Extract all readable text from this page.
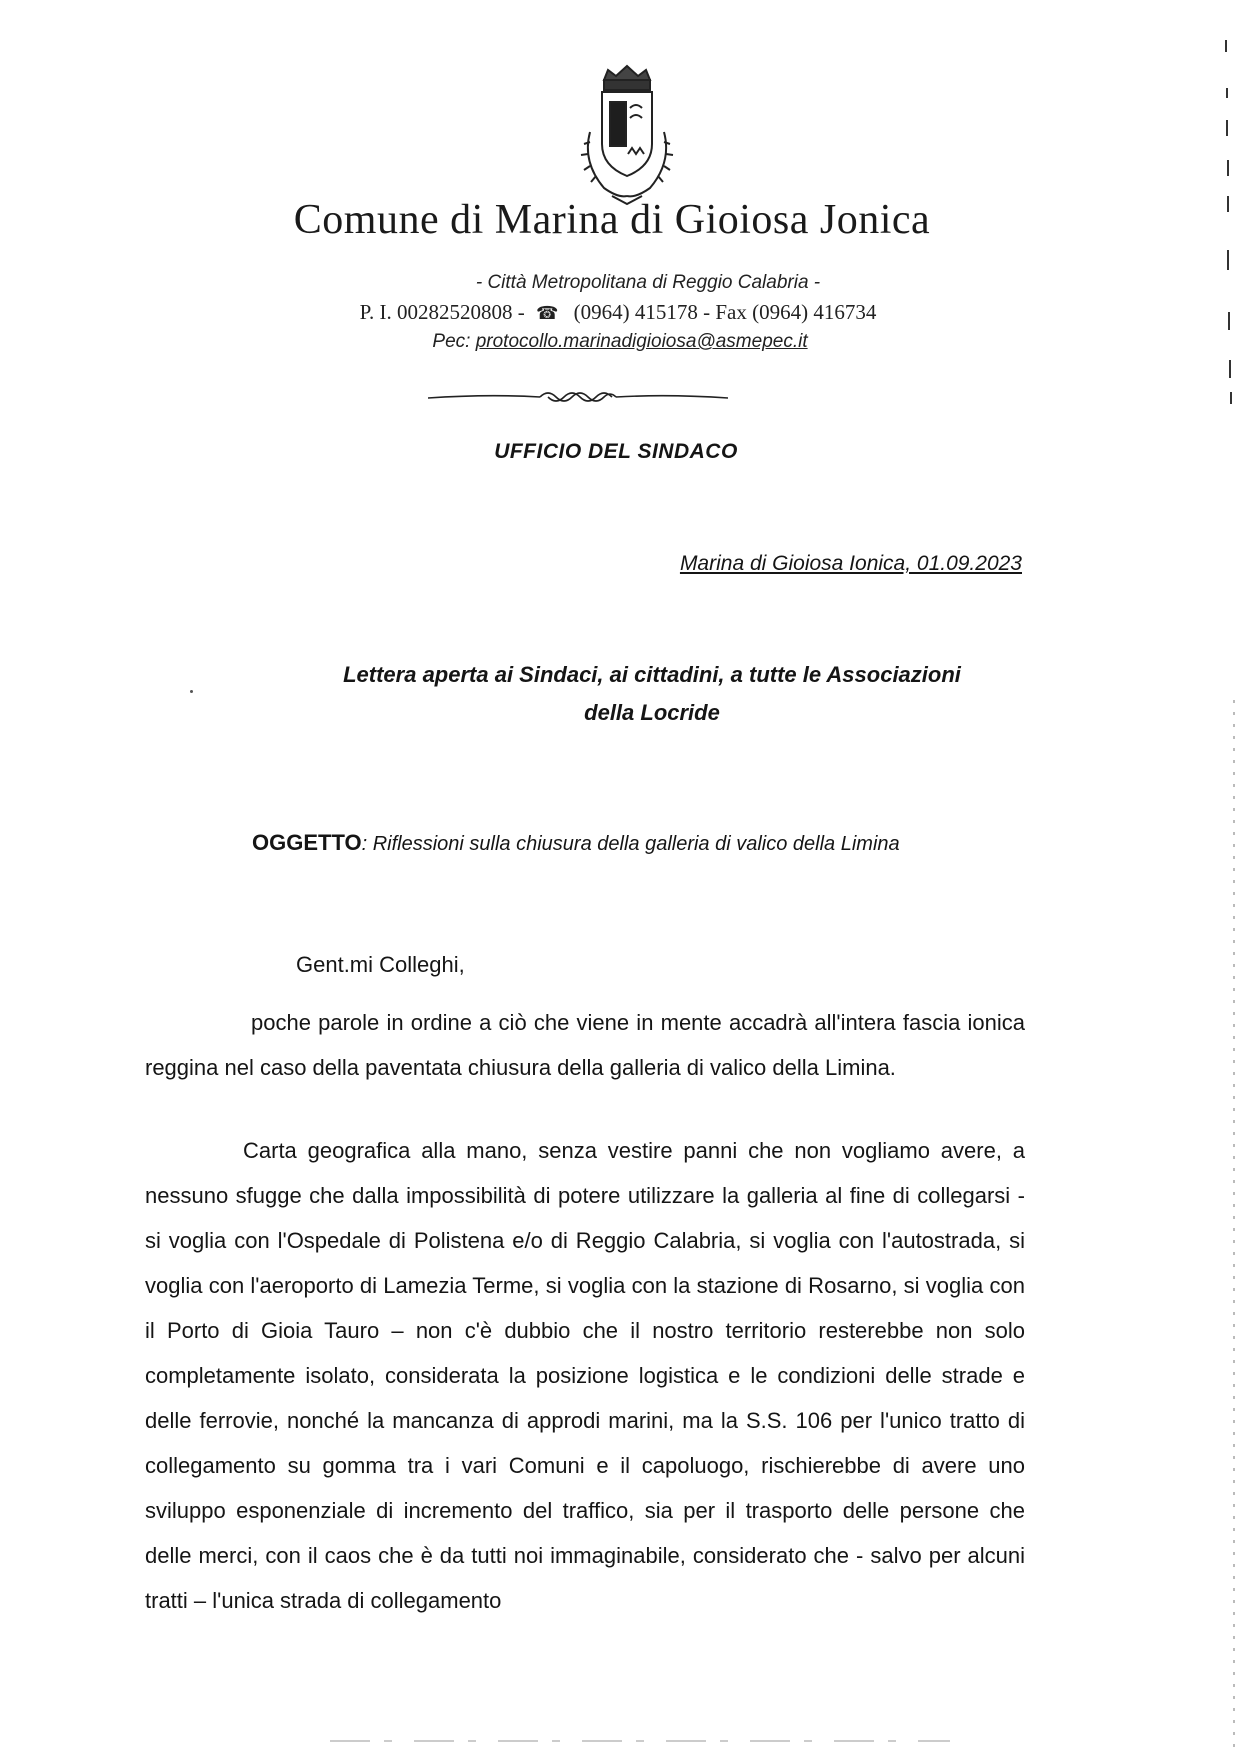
Comune di Marina di Gioiosa Jonica
- Città Metropolitana di Reggio Calabria -
P. I. 00282520808 - ☎ (0964) 415178 - Fax (0964) 416734
Pec: protocollo.marinadigioiosa@asmepec.it
UFFICIO DEL SINDACO
Marina di Gioiosa Ionica, 01.09.2023
Lettera aperta ai Sindaci, ai cittadini, a tutte le Associazioni
della Locride
OGGETTO: Riflessioni sulla chiusura della galleria di valico della Limina
Gent.mi Colleghi,

poche parole in ordine a ciò che viene in mente accadrà all'intera fascia ionica reggina nel caso della paventata chiusura della galleria di valico della Limina.

Carta geografica alla mano, senza vestire panni che non vogliamo avere, a nessuno sfugge che dalla impossibilità di potere utilizzare la galleria al fine di collegarsi - si voglia con l'Ospedale di Polistena e/o di Reggio Calabria, si voglia con l'autostrada, si voglia con l'aeroporto di Lamezia Terme, si voglia con la stazione di Rosarno, si voglia con il Porto di Gioia Tauro – non c'è dubbio che il nostro territorio resterebbe non solo completamente isolato, considerata la posizione logistica e le condizioni delle strade e delle ferrovie, nonché la mancanza di approdi marini, ma la S.S. 106 per l'unico tratto di collegamento su gomma tra i vari Comuni e il capoluogo, rischierebbe di avere uno sviluppo esponenziale di incremento del traffico, sia per il trasporto delle persone che delle merci, con il caos che è da tutti noi immaginabile, considerato che - salvo per alcuni tratti – l'unica strada di collegamento
